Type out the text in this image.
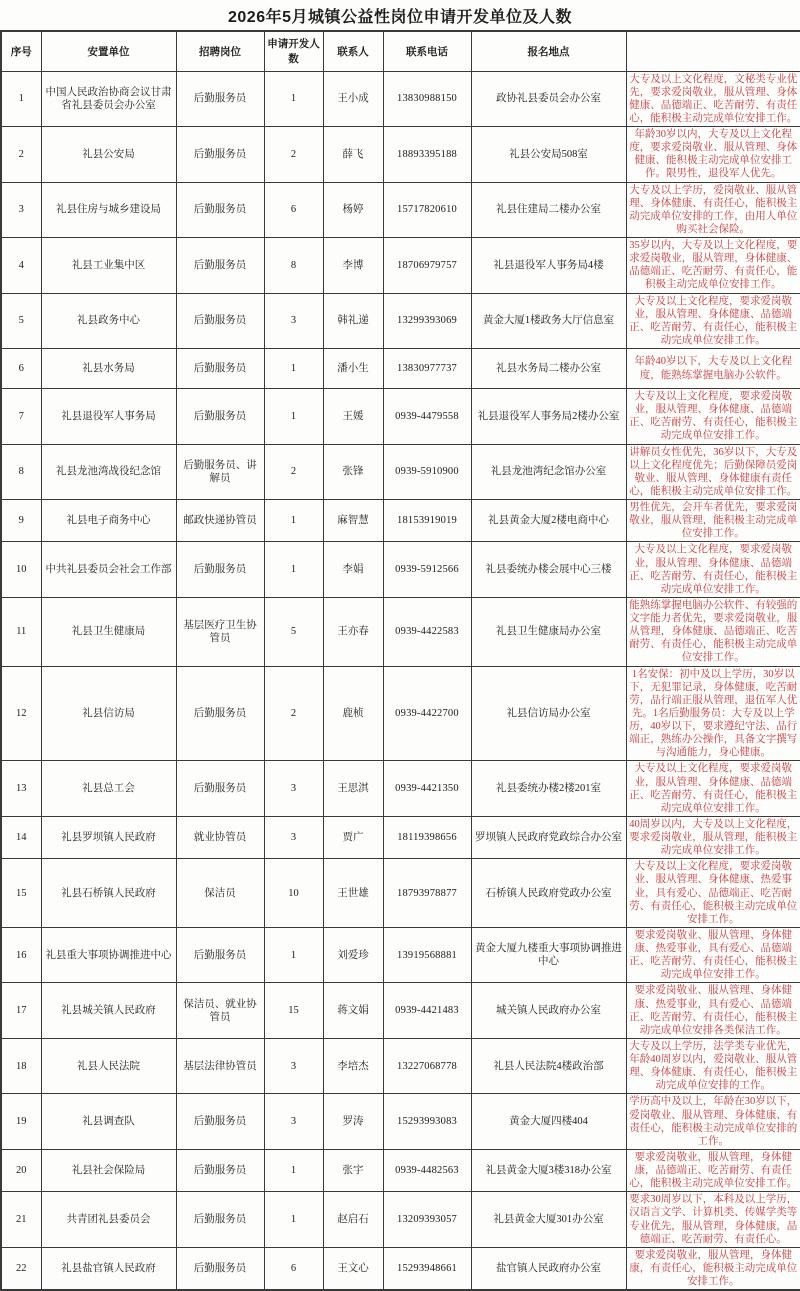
2026年5月城镇公益性岗位申请开发单位及人数
序号	安置单位	招聘岗位	申请开发人数	联系人	联系电话	报名地点	
1	中国人民政治协商会议甘肃省礼县委员会办公室	后勤服务员	1	王小成	13830988150	政协礼县委员会办公室	大专及以上文化程度，文秘类专业优先，要求爱岗敬业，服从管理、身体健康、品德端正、吃苦耐劳、有责任心，能积极主动完成单位安排工作。
2	礼县公安局	后勤服务员	2	薛飞	18893395188	礼县公安局508室	年龄30岁以内，大专及以上文化程度，要求爱岗敬业、服从管理、身体健康、能积极主动完成单位安排工作。限男性，退役军人优先。
3	礼县住房与城乡建设局	后勤服务员	6	杨婷	15717820610	礼县住建局二楼办公室	大专及以上学历，爱岗敬业、服从管理、身体健康、有责任心，能积极主动完成单位安排的工作，由用人单位购买社会保险。
4	礼县工业集中区	后勤服务员	8	李博	18706979757	礼县退役军人事务局4楼	35岁以内，大专及以上文化程度，要求爱岗敬业，服从管理，身体健康、品德端正、吃苦耐劳、有责任心，能积极主动完成单位安排工作。
5	礼县政务中心	后勤服务员	3	韩礼递	13299393069	黄金大厦1楼政务大厅信息室	大专及以上文化程度，要求爱岗敬业，服从管理、身体健康、品德端正、吃苦耐劳、有责任心，能积极主动完成单位安排工作。
6	礼县水务局	后勤服务员	1	潘小生	13830977737	礼县水务局二楼办公室	年龄40岁以下，大专及以上文化程度，能熟练掌握电脑办公软件。
7	礼县退役军人事务局	后勤服务员	1	王媛	0939-4479558	礼县退役军人事务局2楼办公室	大专及以上文化程度，要求爱岗敬业，服从管理、身体健康、品德端正、吃苦耐劳、有责任心，能积极主动完成单位安排工作。
8	礼县龙池湾战役纪念馆	后勤服务员、讲解员	2	张锋	0939-5910900	礼县龙池湾纪念馆办公室	讲解员女性优先，36岁以下，大专及以上文化程度优先；后勤保障员爱岗敬业、服从管理、身体健康有责任心，能积极主动完成单位安排工作。
9	礼县电子商务中心	邮政快递协管员	1	麻智慧	18153919019	礼县黄金大厦2楼电商中心	男性优先，会开车者优先，要求爱岗敬业，服从管理，能积极主动完成单位安排工作。
10	中共礼县委员会社会工作部	后勤服务员	1	李娟	0939-5912566	礼县委统办楼会展中心三楼	大专及以上文化程度，要求爱岗敬业，服从管理、身体健康、品德端正、吃苦耐劳、有责任心，能积极主动完成单位安排工作。
11	礼县卫生健康局	基层医疗卫生协管员	5	王亦春	0939-4422583	礼县卫生健康局办公室	能熟练掌握电脑办公软件、有较强的文字能力者优先，要求爱岗敬业，服从管理，身体健康、品德端正、吃苦耐劳、有责任心，能积极主动完成单位安排工作。
12	礼县信访局	后勤服务员	2	鹿桢	0939-4422700	礼县信访局办公室	1名安保：初中及以上学历，30岁以下，无犯罪记录，身体健康，吃苦耐劳，品行端正服从管理，退伍军人优先。1名后勤服务员：大专及以上学历，40岁以下，要求遵纪守法、品行端正，熟练办公操作，具备文字撰写与沟通能力，身心健康。
13	礼县总工会	后勤服务员	3	王思淇	0939-4421350	礼县委统办楼2楼201室	大专及以上文化程度，要求爱岗敬业，服从管理、身体健康、品德端正、吃苦耐劳、有责任心，能积极主动完成单位安排工作。
14	礼县罗坝镇人民政府	就业协管员	3	贾广	18119398656	罗坝镇人民政府党政综合办公室	40周岁以内，大专及以上文化程度，要求爱岗敬业，服从管理，能积极主动完成单位安排工作。
15	礼县石桥镇人民政府	保洁员	10	王世雄	18793978877	石桥镇人民政府党政办公室	大专及以上文化程度，要求爱岗敬业、服从管理、身体健康、热爱事业，具有爱心、品德端正、吃苦耐劳、有责任心，能积极主动完成单位安排工作。
16	礼县重大事项协调推进中心	后勤服务员	1	刘爱珍	13919568881	黄金大厦九楼重大事项协调推进中心	要求爱岗敬业、服从管理、身体健康、热爱事业，具有爱心、品德端正、吃苦耐劳、有责任心，能积极主动完成单位安排工作。
17	礼县城关镇人民政府	保洁员、就业协管员	15	蒋文娟	0939-4421483	城关镇人民政府办公室	要求爱岗敬业、服从管理、身体健康、热爱事业，具有爱心、品德端正、吃苦耐劳、有责任心，能积极主动完成单位安排各类保洁工作。
18	礼县人民法院	基层法律协管员	3	李培杰	13227068778	礼县人民法院4楼政治部	大专及以上学历，法学类专业优先，年龄40周岁以内，爱岗敬业、服从管理、身体健康、有责任心，能积极主动完成单位安排的工作。
19	礼县调查队	后勤服务员	3	罗涛	15293993083	黄金大厦四楼404	学历高中及以上，年龄在30岁以下，爱岗敬业、服从管理、身体健康、有责任心，能积极主动完成单位安排的工作。
20	礼县社会保险局	后勤服务员	1	张宇	0939-4482563	礼县黄金大厦3楼318办公室	要求爱岗敬业，服从管理，身体健康，品德端正、吃苦耐劳、有责任心，能积极主动完成单位安排工作。
21	共青团礼县委员会	后勤服务员	1	赵启石	13209393057	礼县黄金大厦301办公室	要求30周岁以下，本科及以上学历，汉语言文学、计算机类、传媒学类等专业优先，服从管理，身体健康，品德端正、吃苦耐劳、有责任心。
22	礼县盐官镇人民政府	后勤服务员	6	王文心	15293948661	盐官镇人民政府办公室	要求爱岗敬业，服从管理，身体健康，有责任心，能积极主动完成单位安排工作。
